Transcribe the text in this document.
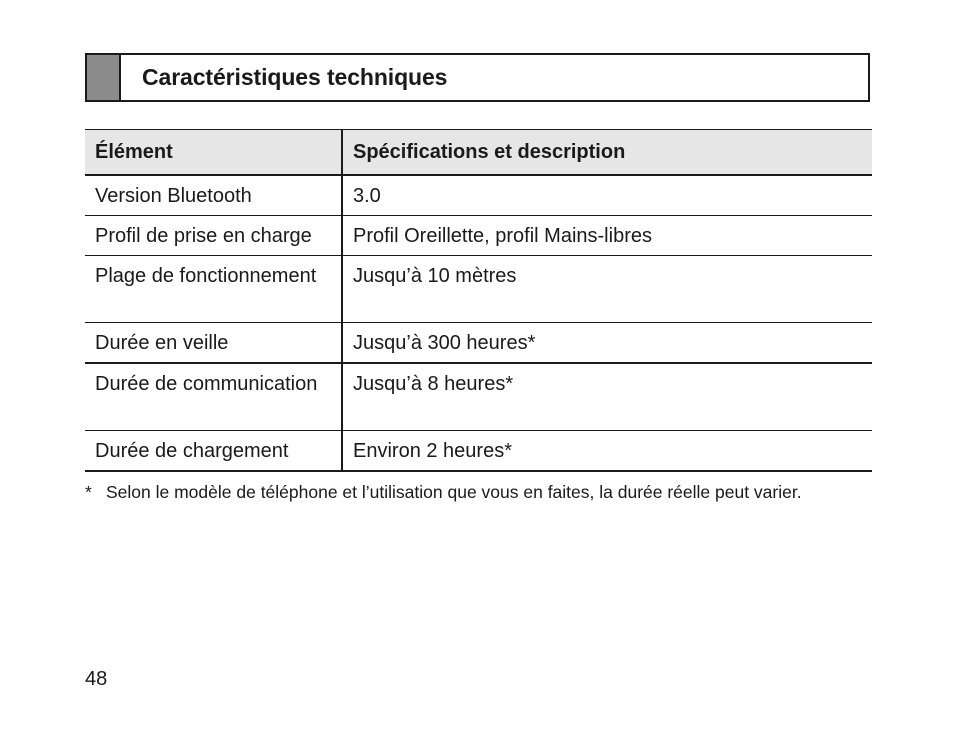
Caractéristiques techniques
Élément	Spécifications et description
Version Bluetooth	3.0
Profil de prise en charge	Profil Oreillette, profil Mains-libres
Plage de fonctionnement	Jusqu’à 10 mètres
Durée en veille	Jusqu’à 300 heures*
Durée de communication	Jusqu’à 8 heures*
Durée de chargement	Environ 2 heures*
* Selon le modèle de téléphone et l’utilisation que vous en faites, la durée réelle peut varier.
48
